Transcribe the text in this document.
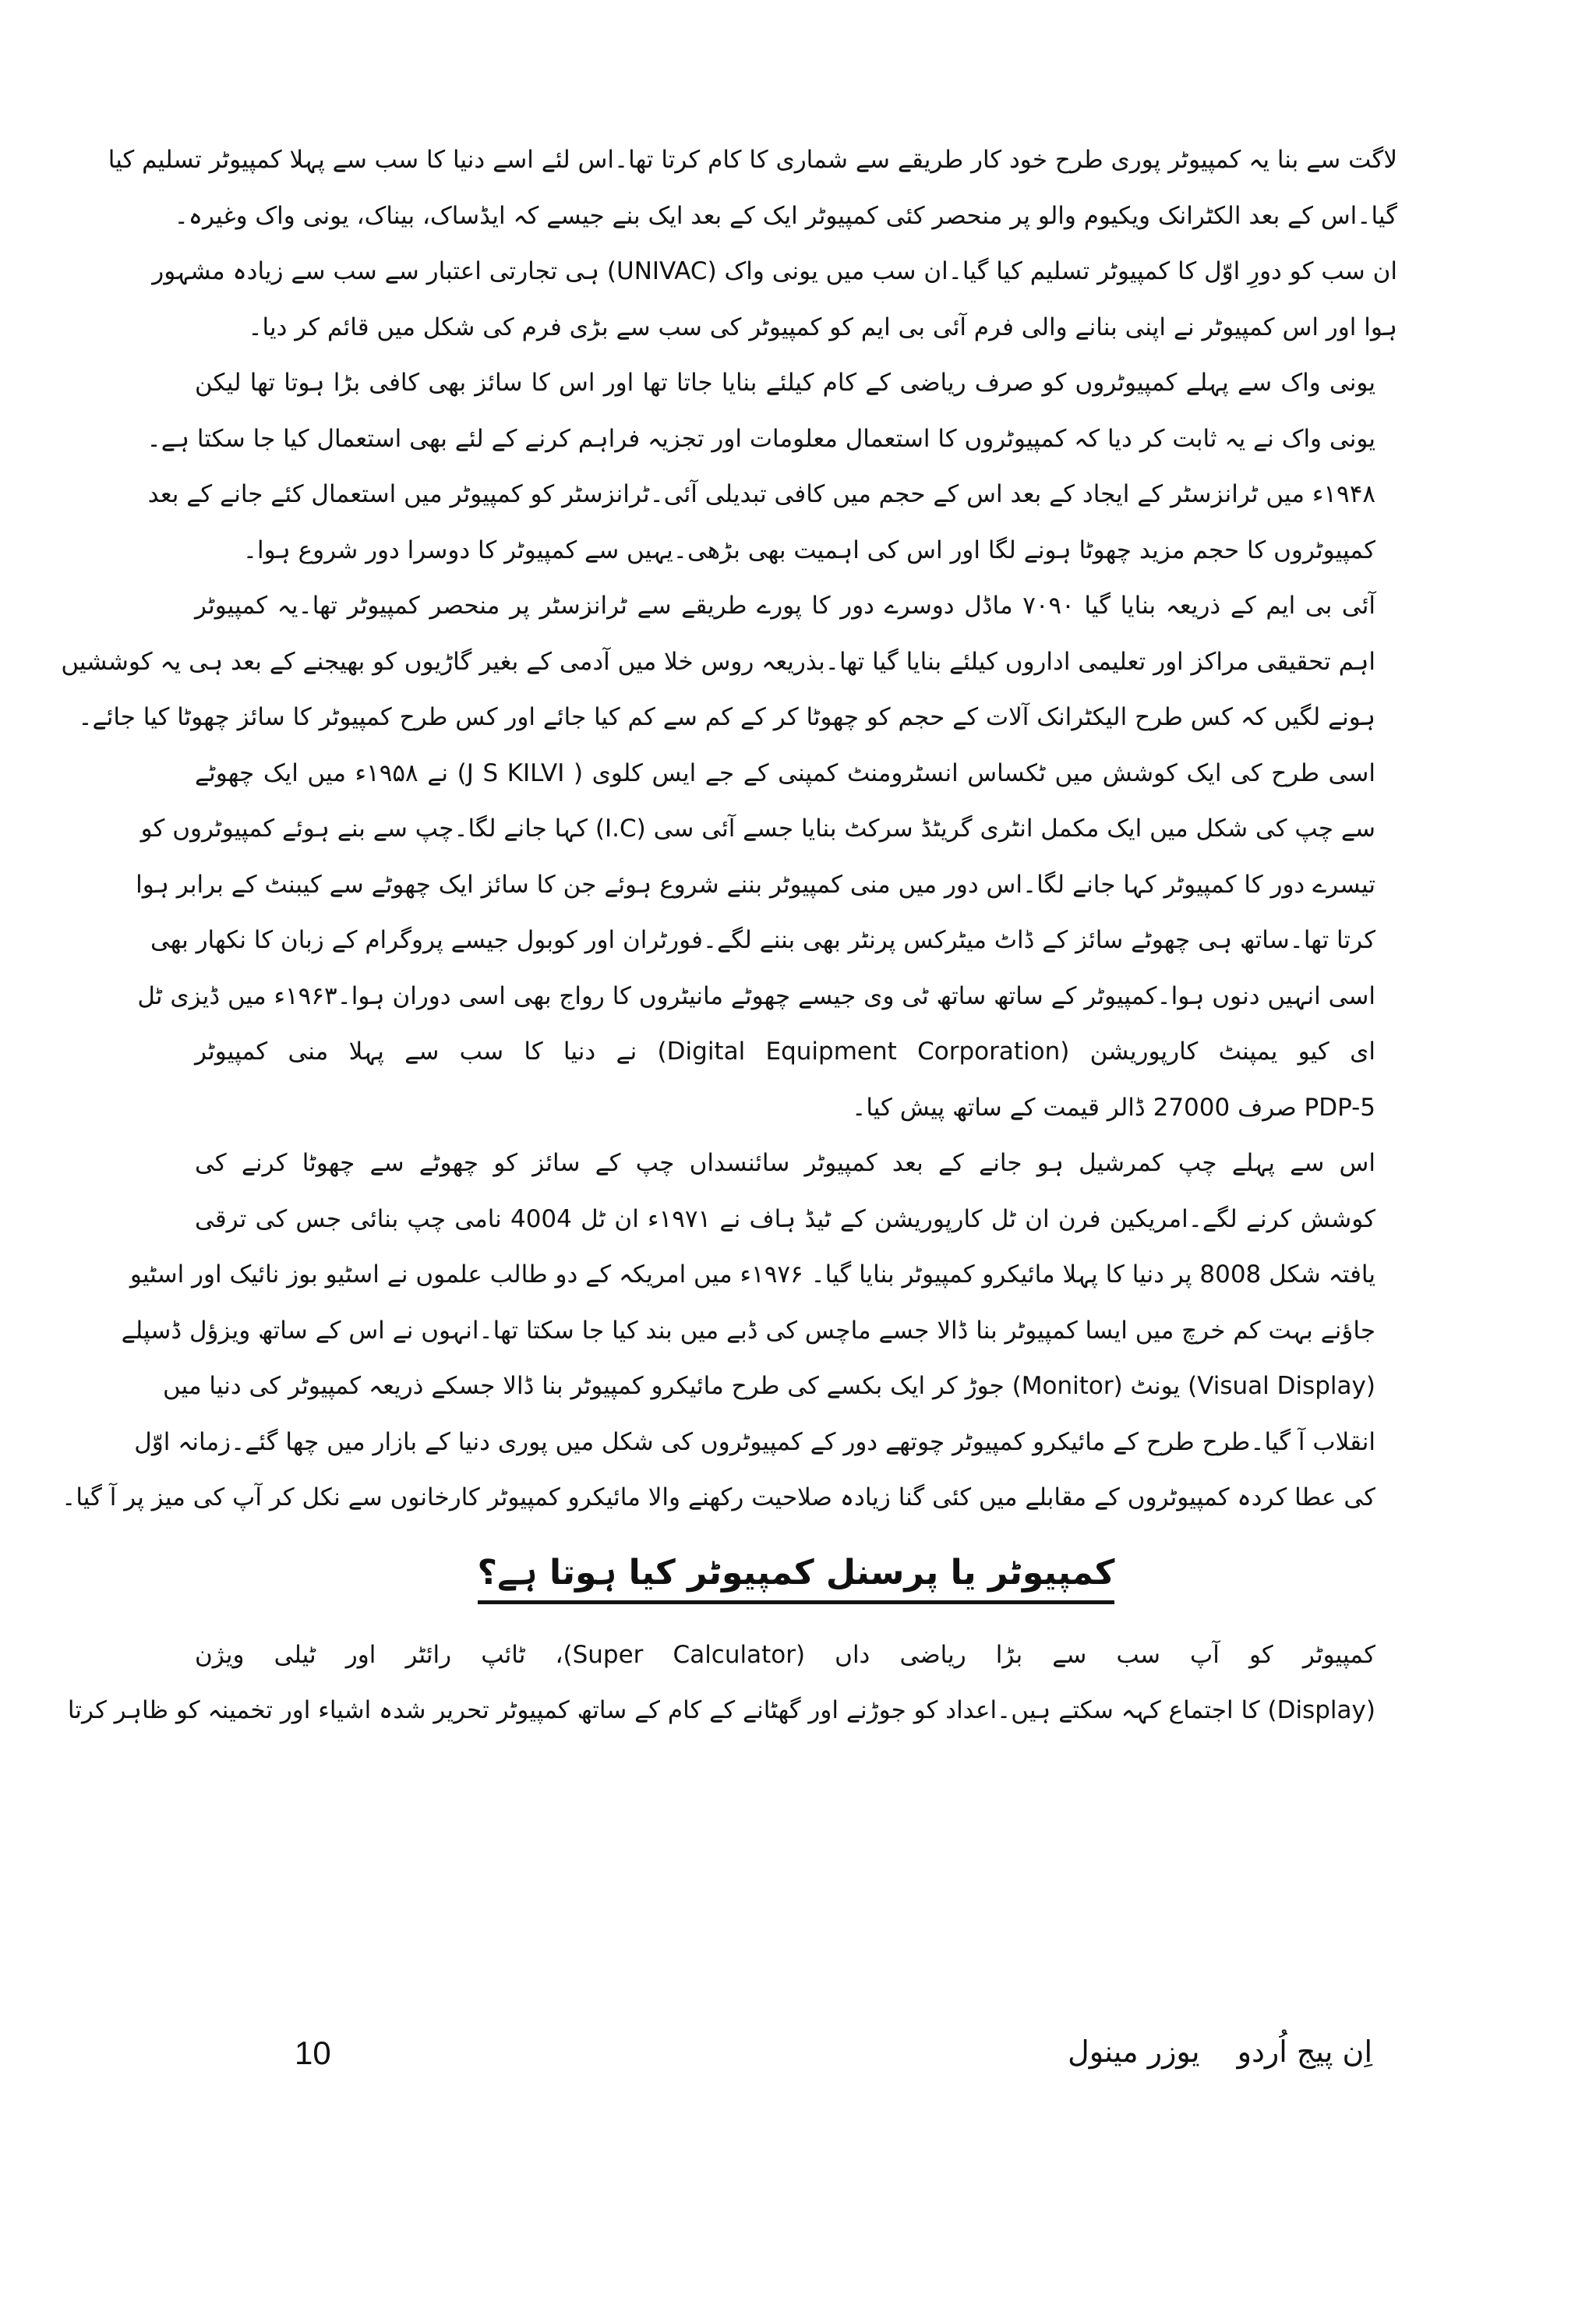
لاگت سے بنا یہ کمپیوٹر پوری طرح خود کار طریقے سے شماری کا کام کرتا تھا۔اس لئے اسے دنیا کا سب سے پہلا کمپیوٹر تسلیم کیا
گیا۔اس کے بعد الکٹرانک ویکیوم والو پر منحصر کئی کمپیوٹر ایک کے بعد ایک بنے جیسے کہ ایڈساک، بیناک، یونی واک وغیرہ۔
ان سب کو دورِ اوّل کا کمپیوٹر تسلیم کیا گیا۔ان سب میں یونی واک (UNIVAC) ہی تجارتی اعتبار سے سب سے زیادہ مشہور
ہوا اور اس کمپیوٹر نے اپنی بنانے والی فرم آئی بی ایم کو کمپیوٹر کی سب سے بڑی فرم کی شکل میں قائم کر دیا۔

یونی واک سے پہلے کمپیوٹروں کو صرف ریاضی کے کام کیلئے بنایا جاتا تھا اور اس کا سائز بھی کافی بڑا ہوتا تھا لیکن
یونی واک نے یہ ثابت کر دیا کہ کمپیوٹروں کا استعمال معلومات اور تجزیہ فراہم کرنے کے لئے بھی استعمال کیا جا سکتا ہے۔
۱۹۴۸ء میں ٹرانزسٹر کے ایجاد کے بعد اس کے حجم میں کافی تبدیلی آئی۔ٹرانزسٹر کو کمپیوٹر میں استعمال کئے جانے کے بعد
کمپیوٹروں کا حجم مزید چھوٹا ہونے لگا اور اس کی اہمیت بھی بڑھی۔یہیں سے کمپیوٹر کا دوسرا دور شروع ہوا۔

آئی بی ایم کے ذریعہ بنایا گیا ۷۰۹۰ ماڈل دوسرے دور کا پورے طریقے سے ٹرانزسٹر پر منحصر کمپیوٹر تھا۔یہ کمپیوٹر
اہم تحقیقی مراکز اور تعلیمی اداروں کیلئے بنایا گیا تھا۔بذریعہ روس خلا میں آدمی کے بغیر گاڑیوں کو بھیجنے کے بعد ہی یہ کوششیں
ہونے لگیں کہ کس طرح الیکٹرانک آلات کے حجم کو چھوٹا کر کے کم سے کم کیا جائے اور کس طرح کمپیوٹر کا سائز چھوٹا کیا جائے۔
اسی طرح کی ایک کوشش میں ٹکساس انسٹرومنٹ کمپنی کے جے ایس کلوی ( J S KILVI) نے ۱۹۵۸ء میں ایک چھوٹے
سے چپ کی شکل میں ایک مکمل انٹری گریٹڈ سرکٹ بنایا جسے آئی سی (I.C) کہا جانے لگا۔چپ سے بنے ہوئے کمپیوٹروں کو
تیسرے دور کا کمپیوٹر کہا جانے لگا۔اس دور میں منی کمپیوٹر بننے شروع ہوئے جن کا سائز ایک چھوٹے سے کیبنٹ کے برابر ہوا
کرتا تھا۔ساتھ ہی چھوٹے سائز کے ڈاٹ میٹرکس پرنٹر بھی بننے لگے۔فورٹران اور کوبول جیسے پروگرام کے زبان کا نکھار بھی
اسی انہیں دنوں ہوا۔کمپیوٹر کے ساتھ ساتھ ٹی وی جیسے چھوٹے مانیٹروں کا رواج بھی اسی دوران ہوا۔۱۹۶۳ء میں ڈیزی ٹل
ای کیو یمپنٹ کارپوریشن (Digital Equipment Corporation) نے دنیا کا سب سے پہلا منی کمپیوٹر
PDP-5 صرف 27000 ڈالر قیمت کے ساتھ پیش کیا۔

اس سے پہلے چپ کمرشیل ہو جانے کے بعد کمپیوٹر سائنسداں چپ کے سائز کو چھوٹے سے چھوٹا کرنے کی
کوشش کرنے لگے۔امریکین فرن ان ٹل کارپوریشن کے ٹیڈ ہاف نے ۱۹۷۱ء ان ٹل 4004 نامی چپ بنائی جس کی ترقی
یافتہ شکل 8008 پر دنیا کا پہلا مائیکرو کمپیوٹر بنایا گیا۔ ۱۹۷۶ء میں امریکہ کے دو طالب علموں نے اسٹیو بوز نائیک اور اسٹیو
جاؤنے بہت کم خرچ میں ایسا کمپیوٹر بنا ڈالا جسے ماچس کی ڈبے میں بند کیا جا سکتا تھا۔انہوں نے اس کے ساتھ ویزؤل ڈسپلے
(Visual Display) یونٹ (Monitor) جوڑ کر ایک بکسے کی طرح مائیکرو کمپیوٹر بنا ڈالا جسکے ذریعہ کمپیوٹر کی دنیا میں
انقلاب آ گیا۔طرح طرح کے مائیکرو کمپیوٹر چوتھے دور کے کمپیوٹروں کی شکل میں پوری دنیا کے بازار میں چھا گئے۔زمانہ اوّل
کی عطا کردہ کمپیوٹروں کے مقابلے میں کئی گنا زیادہ صلاحیت رکھنے والا مائیکرو کمپیوٹر کارخانوں سے نکل کر آپ کی میز پر آ گیا۔

کمپیوٹر یا پرسنل کمپیوٹر کیا ہوتا ہے؟

کمپیوٹر کو آپ سب سے بڑا ریاضی داں (Super Calculator)، ٹائپ رائٹر اور ٹیلی ویژن
(Display) کا اجتماع کہہ سکتے ہیں۔اعداد کو جوڑنے اور گھٹانے کے کام کے ساتھ کمپیوٹر تحریر شدہ اشیاء اور تخمینہ کو ظاہر کرتا

10	اِن پیج اُردویوزر مینول
